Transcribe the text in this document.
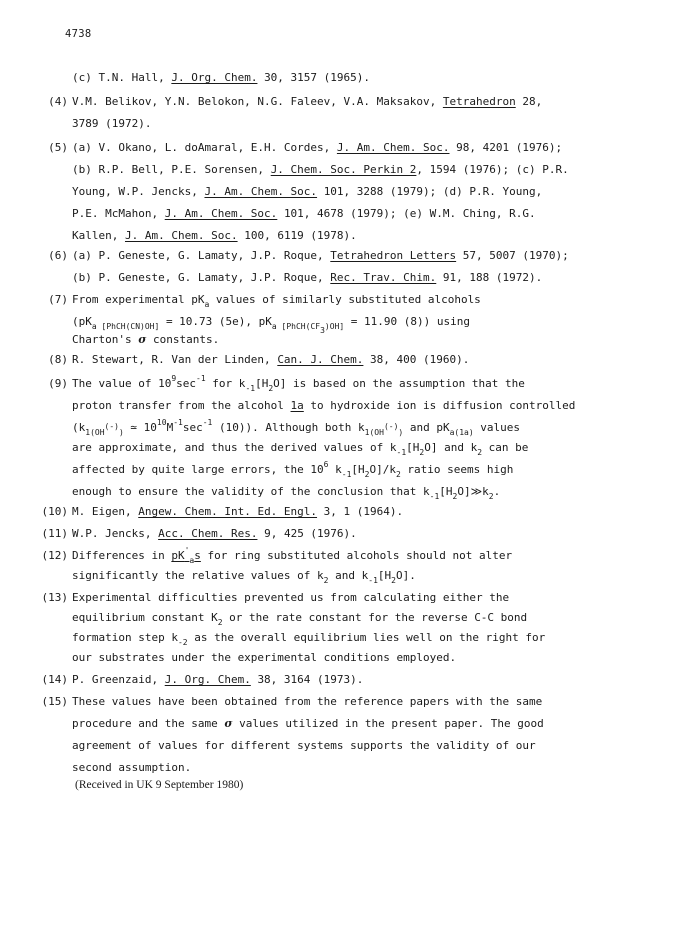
4738
(c) T.N. Hall, J. Org. Chem. 30, 3157 (1965).
(4) V.M. Belikov, Y.N. Belokon, N.G. Faleev, V.A. Maksakov, Tetrahedron 28,
3789 (1972).
(5) (a) V. Okano, L. doAmaral, E.H. Cordes, J. Am. Chem. Soc. 98, 4201 (1976);
(b) R.P. Bell, P.E. Sorensen, J. Chem. Soc. Perkin 2, 1594 (1976); (c) P.R.
Young, W.P. Jencks, J. Am. Chem. Soc. 101, 3288 (1979); (d) P.R. Young,
P.E. McMahon, J. Am. Chem. Soc. 101, 4678 (1979); (e) W.M. Ching, R.G.
Kallen, J. Am. Chem. Soc. 100, 6119 (1978).
(6) (a) P. Geneste, G. Lamaty, J.P. Roque, Tetrahedron Letters 57, 5007 (1970);
(b) P. Geneste, G. Lamaty, J.P. Roque, Rec. Trav. Chim. 91, 188 (1972).
(7) From experimental $pK_a$ values of similarly substituted alcohols
($pK_{a [PhCH(CN)OH]} = 10.73$ (5e), $pK_{a [PhCH(CF_3)OH]} = 11.90$ (8)) using
Charton's σ constants.
(8) R. Stewart, R. Van der Linden, Can. J. Chem. 38, 400 (1960).
(9) The value of $10^9\sec^{-1}$ for $k_{-1}[H_2O]$ is based on the assumption that the
proton transfer from the alcohol 1a to hydroxide ion is diffusion controlled
($k_{1(OH^{(-)})}$ ≃ $10^{10}M^{-1}\sec^{-1}$ (10)). Although both $k_{1(OH^{(-)})}$ and $pK_{a(1a)}$ values
are approximate, and thus the derived values of $k_{-1}[H_2O]$ and $k_2$ can be
affected by quite large errors, the $10^6$ $k_{-1}[H_2O]/k_2$ ratio seems high
enough to ensure the validity of the conclusion that $k_{-1}[H_2O]≫k_2$.
(10) M. Eigen, Angew. Chem. Int. Ed. Engl. 3, 1 (1964).
(11) W.P. Jencks, Acc. Chem. Res. 9, 425 (1976).
(12) Differences in $pK'_as$ for ring substituted alcohols should not alter
significantly the relative values of $k_2$ and $k_{-1}[H_2O]$.
(13) Experimental difficulties prevented us from calculating either the
equilibrium constant $K_2$ or the rate constant for the reverse C-C bond
formation step $k_{-2}$ as the overall equilibrium lies well on the right for
our substrates under the experimental conditions employed.
(14) P. Greenzaid, J. Org. Chem. 38, 3164 (1973).
(15) These values have been obtained from the reference papers with the same
procedure and the same σ values utilized in the present paper. The good
agreement of values for different systems supports the validity of our
second assumption.
(Received in UK 9 September 1980)
